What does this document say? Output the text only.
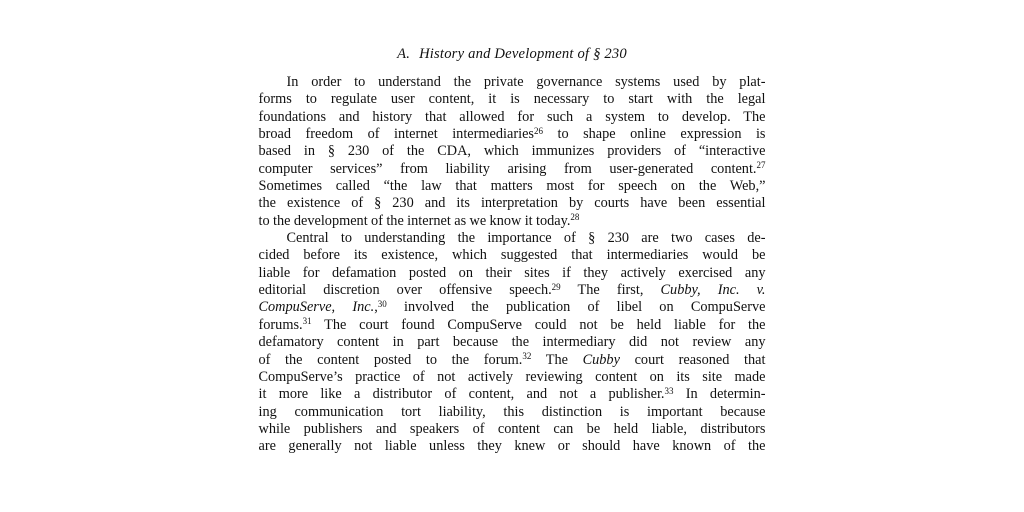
A. History and Development of § 230
In order to understand the private governance systems used by plat-
forms to regulate user content, it is necessary to start with the legal
foundations and history that allowed for such a system to develop. The
broad freedom of internet intermediaries$^{26}$ to shape online expression is
based in § 230 of the CDA, which immunizes providers of “interactive
computer services” from liability arising from user-generated content.$^{27}$
Sometimes called “the law that matters most for speech on the Web,”
the existence of § 230 and its interpretation by courts have been essential
to the development of the internet as we know it today.$^{28}$
Central to understanding the importance of § 230 are two cases de-
cided before its existence, which suggested that intermediaries would be
liable for defamation posted on their sites if they actively exercised any
editorial discretion over offensive speech.$^{29}$ The first, Cubby, Inc. v.
CompuServe, Inc.,$^{30}$ involved the publication of libel on CompuServe
forums.$^{31}$ The court found CompuServe could not be held liable for the
defamatory content in part because the intermediary did not review any
of the content posted to the forum.$^{32}$ The Cubby court reasoned that
CompuServe’s practice of not actively reviewing content on its site made
it more like a distributor of content, and not a publisher.$^{33}$ In determin-
ing communication tort liability, this distinction is important because
while publishers and speakers of content can be held liable, distributors
are generally not liable unless they knew or should have known of the
